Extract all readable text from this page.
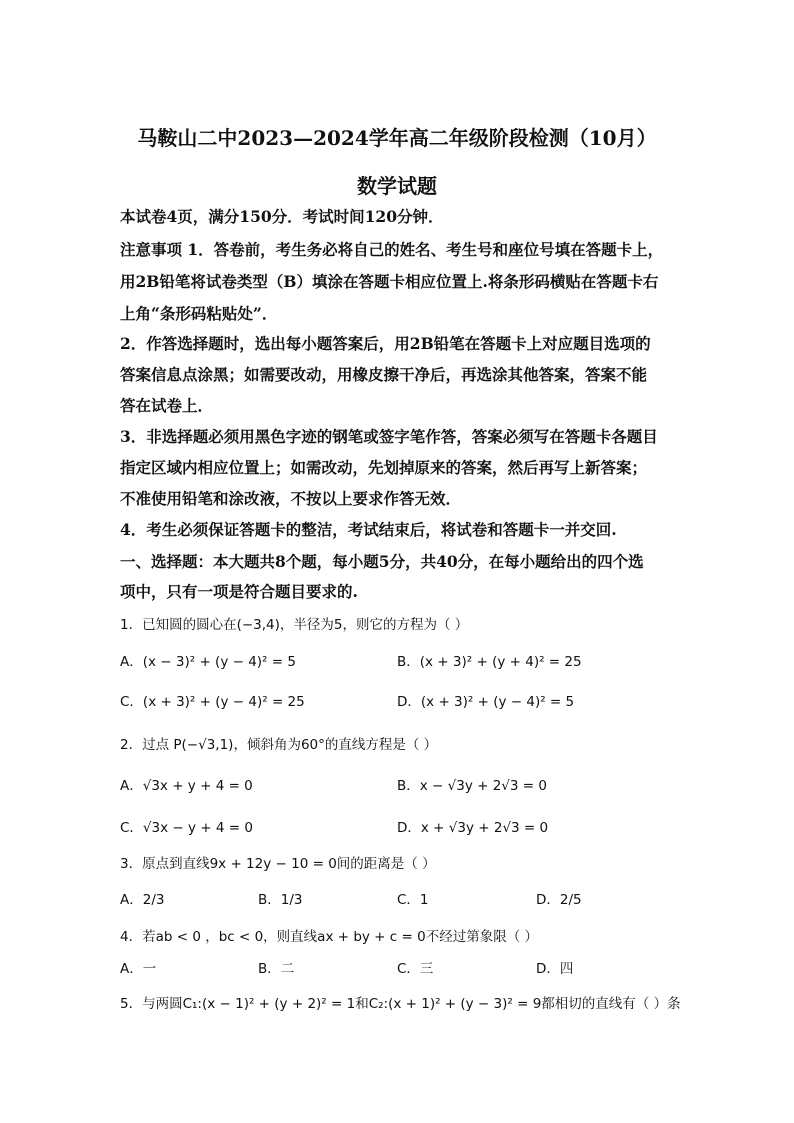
马鞍山二中2023—2024学年高二年级阶段检测（10月）
数学试题
本试卷4页，满分150分．考试时间120分钟．
注意事项 1．答卷前，考生务必将自己的姓名、考生号和座位号填在答题卡上，
用2B铅笔将试卷类型（B）填涂在答题卡相应位置上.将条形码横贴在答题卡右
上角“条形码粘贴处”．
2．作答选择题时，选出每小题答案后，用2B铅笔在答题卡上对应题目选项的
答案信息点涂黑；如需要改动，用橡皮擦干净后，再选涂其他答案，答案不能
答在试卷上．
3．非选择题必须用黑色字迹的钢笔或签字笔作答，答案必须写在答题卡各题目
指定区域内相应位置上；如需改动，先划掉原来的答案，然后再写上新答案；
不准使用铅笔和涂改液，不按以上要求作答无效．
4．考生必须保证答题卡的整洁，考试结束后，将试卷和答题卡一并交回.
一、选择题：本大题共8个题，每小题5分，共40分，在每小题给出的四个选
项中，只有一项是符合题目要求的.
1．已知圆的圆心在(−3,4)，半径为5，则它的方程为（ ）
A．(x − 3)² + (y − 4)² = 5	B．(x + 3)² + (y + 4)² = 25
C．(x + 3)² + (y − 4)² = 25	D．(x + 3)² + (y − 4)² = 5
2．过点 P(−√3,1)，倾斜角为60°的直线方程是（ ）
A．√3x + y + 4 = 0	B．x − √3y + 2√3 = 0
C．√3x − y + 4 = 0	D．x + √3y + 2√3 = 0
3．原点到直线9x + 12y − 10 = 0间的距离是（ ）
A．2/3	B．1/3	C．1	D．2/5
4．若ab < 0 ，bc < 0，则直线ax + by + c = 0不经过第象限（ ）
A．一	B．二	C．三	D．四
5．与两圆C₁:(x − 1)² + (y + 2)² = 1和C₂:(x + 1)² + (y − 3)² = 9都相切的直线有（ ）条
